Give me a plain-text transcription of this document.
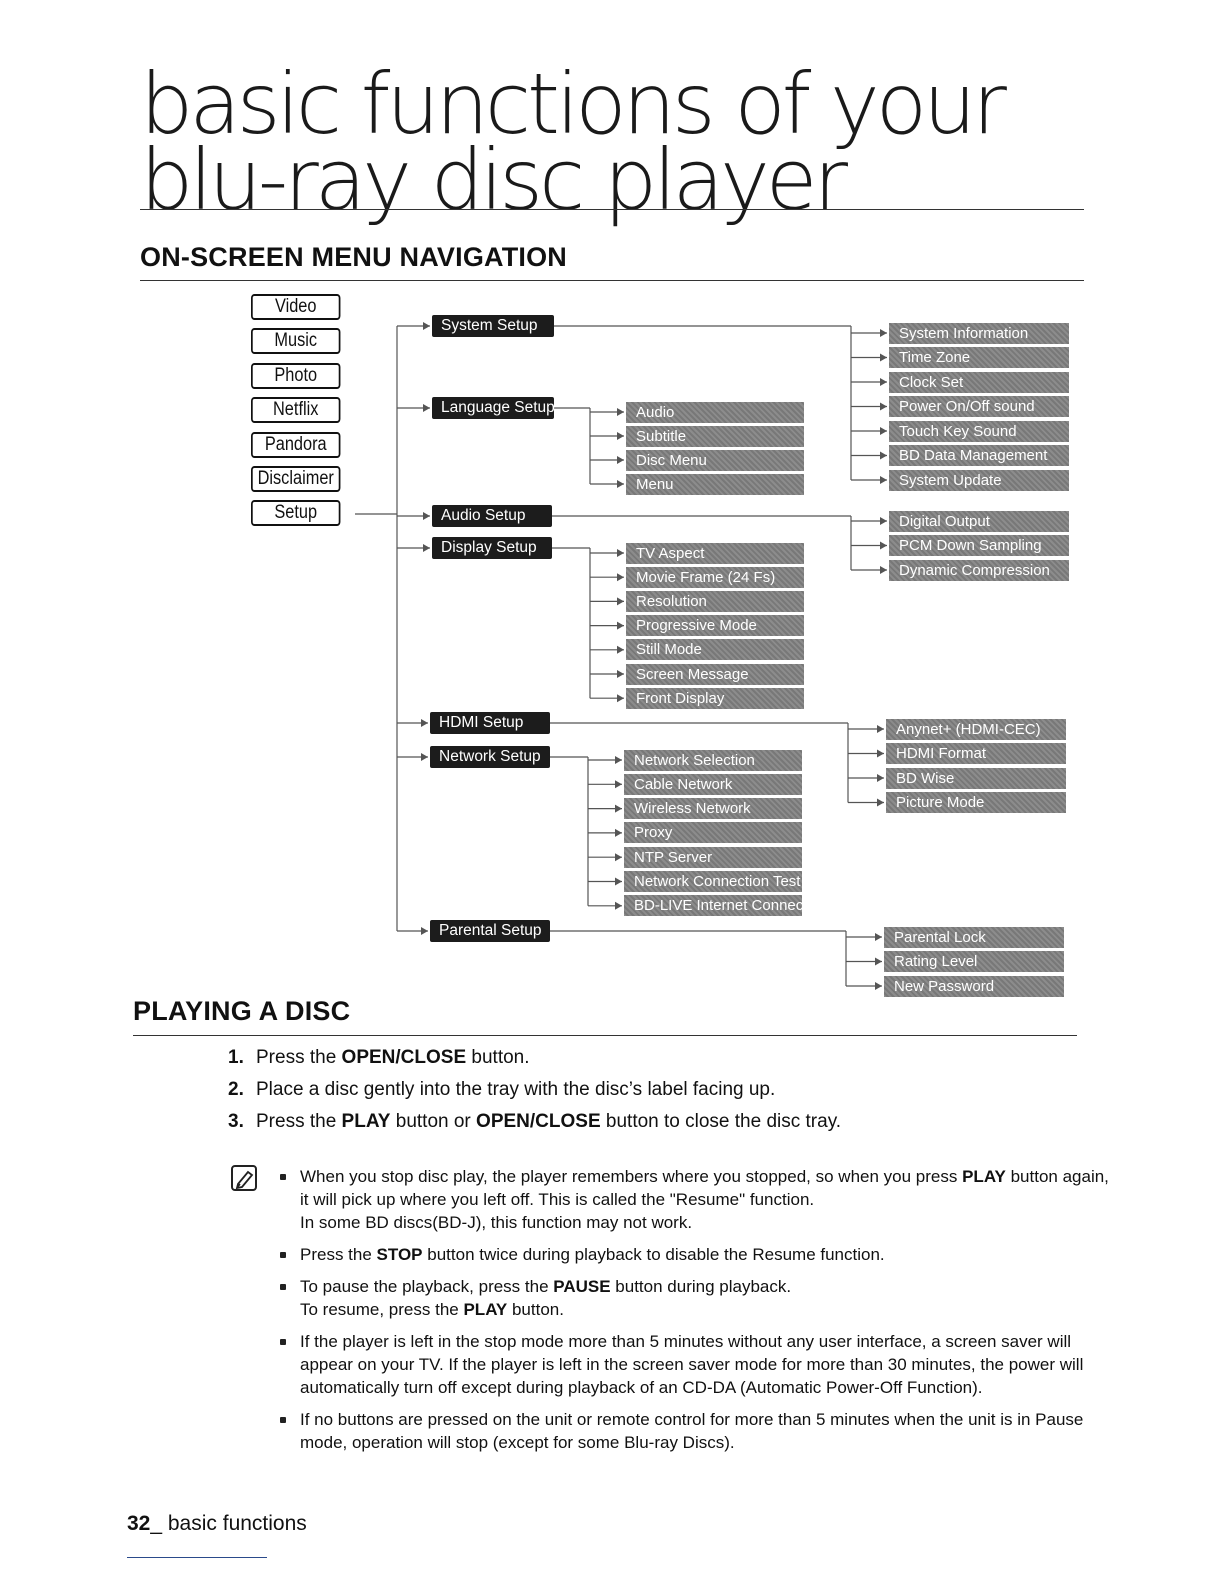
basic functions of your
blu-ray disc player
ON-SCREEN MENU NAVIGATION
Video
Music
Photo
Netflix
Pandora
Disclaimer
Setup
System Setup	System Information
Time Zone
Clock Set
Power On/Off sound
Touch Key Sound
BD Data Management
System Update
Language Setup	Audio
Subtitle
Disc Menu
Menu
Audio Setup	Digital Output
PCM Down Sampling
Dynamic Compression
Display Setup	TV Aspect
Movie Frame (24 Fs)
Resolution
Progressive Mode
Still Mode
Screen Message
Front Display
HDMI Setup	Anynet+ (HDMI-CEC)
HDMI Format
BD Wise
Picture Mode
Network Setup	Network Selection
Cable Network
Wireless Network
Proxy
NTP Server
Network Connection Test
BD-LIVE Internet Connection
Parental Setup	Parental Lock
Rating Level
New Password
PLAYING A DISC
1. Press the OPEN/CLOSE button.
2. Place a disc gently into the tray with the disc’s label facing up.
3. Press the PLAY button or OPEN/CLOSE button to close the disc tray.
When you stop disc play, the player remembers where you stopped, so when you press PLAY button again,
it will pick up where you left off. This is called the "Resume" function.
In some BD discs(BD-J), this function may not work.
Press the STOP button twice during playback to disable the Resume function.
To pause the playback, press the PAUSE button during playback.
To resume, press the PLAY button.
If the player is left in the stop mode more than 5 minutes without any user interface, a screen saver will
appear on your TV. If the player is left in the screen saver mode for more than 30 minutes, the power will
automatically turn off except during playback of an CD-DA (Automatic Power-Off Function).
If no buttons are pressed on the unit or remote control for more than 5 minutes when the unit is in Pause
mode, operation will stop (except for some Blu-ray Discs).
32_ basic functions
